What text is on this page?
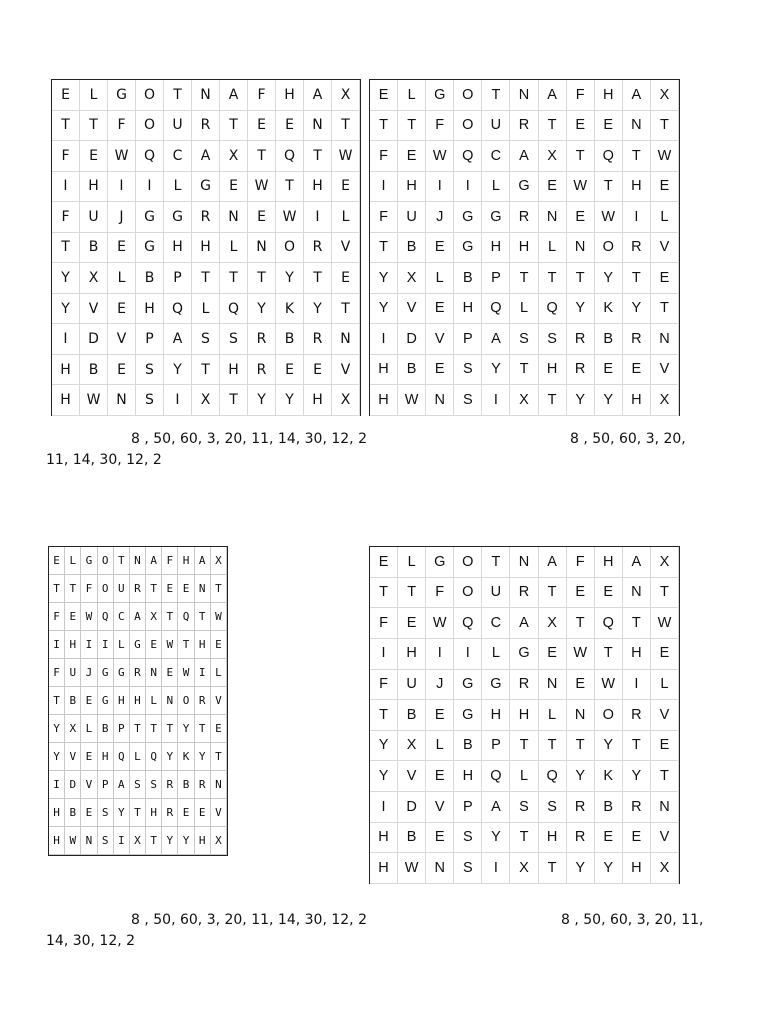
E	L	G	O	T	N	A	F	H	A	X
T	T	F	O	U	R	T	E	E	N	T
F	E	W	Q	C	A	X	T	Q	T	W
I	H	I	I	L	G	E	W	T	H	E
F	U	J	G	G	R	N	E	W	I	L
T	B	E	G	H	H	L	N	O	R	V
Y	X	L	B	P	T	T	T	Y	T	E
Y	V	E	H	Q	L	Q	Y	K	Y	T
I	D	V	P	A	S	S	R	B	R	N
H	B	E	S	Y	T	H	R	E	E	V
H	W	N	S	I	X	T	Y	Y	H	X
E	L	G	O	T	N	A	F	H	A	X
T	T	F	O	U	R	T	E	E	N	T
F	E	W	Q	C	A	X	T	Q	T	W
I	H	I	I	L	G	E	W	T	H	E
F	U	J	G	G	R	N	E	W	I	L
T	B	E	G	H	H	L	N	O	R	V
Y	X	L	B	P	T	T	T	Y	T	E
Y	V	E	H	Q	L	Q	Y	K	Y	T
I	D	V	P	A	S	S	R	B	R	N
H	B	E	S	Y	T	H	R	E	E	V
H	W	N	S	I	X	T	Y	Y	H	X
E L G O T N A F H A X
T T F O U R T E E N T
F E W Q C A X T Q T W
I H I I L G E W T H E
F U J G G R N E W I L
T B E G H H L N O R V
Y X L B P T T T Y T E
Y V E H Q L Q Y K Y T
I D V P A S S R B R N
H B E S Y T H R E E V
H W N S I X T Y Y H X
E	L	G	O	T	N	A	F	H	A	X
T	T	F	O	U	R	T	E	E	N	T
F	E	W	Q	C	A	X	T	Q	T	W
I	H	I	I	L	G	E	W	T	H	E
F	U	J	G	G	R	N	E	W	I	L
T	B	E	G	H	H	L	N	O	R	V
Y	X	L	B	P	T	T	T	Y	T	E
Y	V	E	H	Q	L	Q	Y	K	Y	T
I	D	V	P	A	S	S	R	B	R	N
H	B	E	S	Y	T	H	R	E	E	V
H	W	N	S	I	X	T	Y	Y	H	X
8 , 50, 60, 3, 20, 11, 14, 30, 12, 2	8 , 50, 60, 3, 20,
11, 14, 30, 12, 2
8 , 50, 60, 3, 20, 11, 14, 30, 12, 2	8 , 50, 60, 3, 20, 11,
14, 30, 12, 2
